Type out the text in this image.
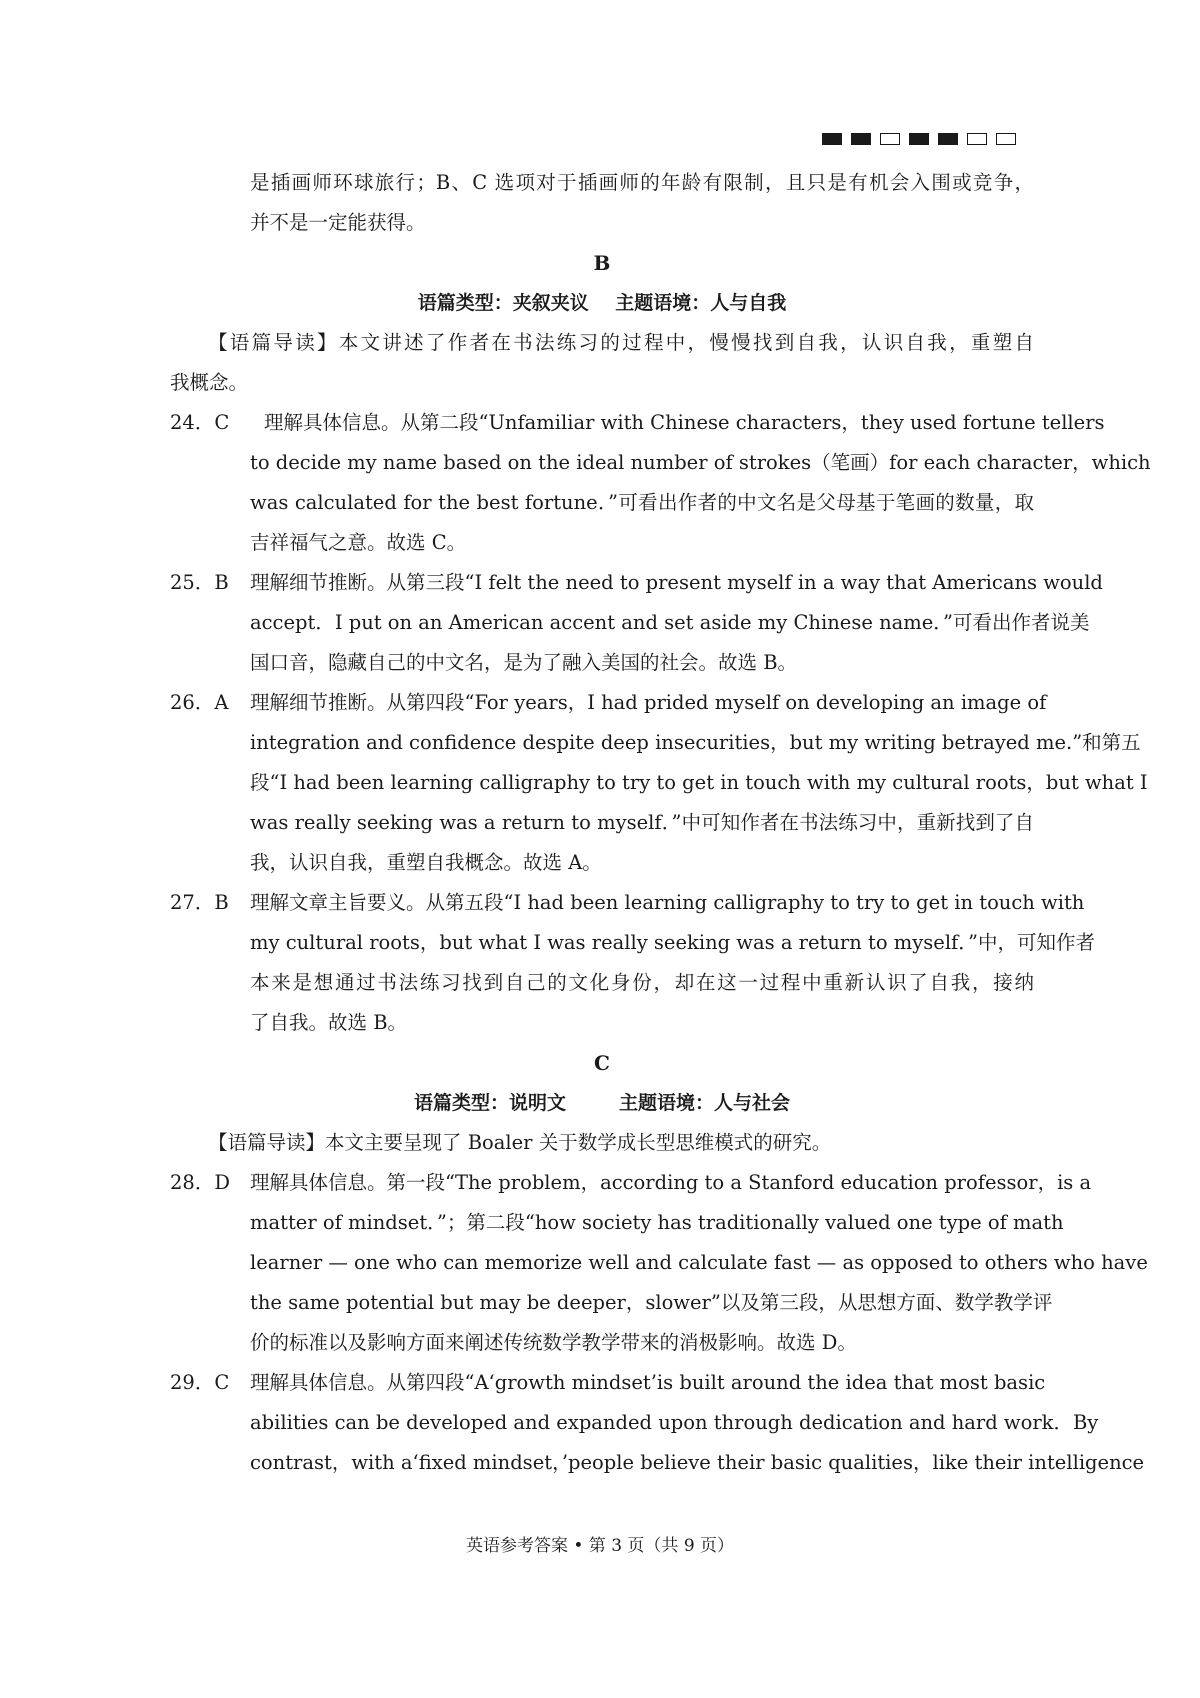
是插画师环球旅行；B、C 选项对于插画师的年龄有限制，且只是有机会入围或竞争，
并不是一定能获得。
B
语篇类型：夹叙夹议    主题语境：人与自我
【语篇导读】本文讲述了作者在书法练习的过程中，慢慢找到自我，认识自我，重塑自
我概念。
24．C	理解具体信息。从第二段“Unfamiliar with Chinese characters，they used fortune tellers
to decide my name based on the ideal number of strokes（笔画）for each character，which
was calculated for the best fortune．”可看出作者的中文名是父母基于笔画的数量，取
吉祥福气之意。故选 C。
25．B	理解细节推断。从第三段“I felt the need to present myself in a way that Americans would
accept．I put on an American accent and set aside my Chinese name．”可看出作者说美
国口音，隐藏自己的中文名，是为了融入美国的社会。故选 B。
26．A	理解细节推断。从第四段“For years，I had prided myself on developing an image of
integration and confidence despite deep insecurities，but my writing betrayed me.”和第五
段“I had been learning calligraphy to try to get in touch with my cultural roots，but what I
was really seeking was a return to myself．”中可知作者在书法练习中，重新找到了自
我，认识自我，重塑自我概念。故选 A。
27．B	理解文章主旨要义。从第五段“I had been learning calligraphy to try to get in touch with
my cultural roots，but what I was really seeking was a return to myself．”中，可知作者
本来是想通过书法练习找到自己的文化身份，却在这一过程中重新认识了自我，接纳
了自我。故选 B。
C
语篇类型：说明文        主题语境：人与社会
【语篇导读】本文主要呈现了 Boaler 关于数学成长型思维模式的研究。
28．D	理解具体信息。第一段“The problem，according to a Stanford education professor，is a
matter of mindset．”；第二段“how society has traditionally valued one type of math
learner — one who can memorize well and calculate fast — as opposed to others who have
the same potential but may be deeper，slower”以及第三段，从思想方面、数学教学评
价的标准以及影响方面来阐述传统数学教学带来的消极影响。故选 D。
29．C	理解具体信息。从第四段“A‘growth mindset’is built around the idea that most basic
abilities can be developed and expanded upon through dedication and hard work．By
contrast，with a‘fixed mindset，’people believe their basic qualities，like their intelligence
英语参考答案 • 第 3 页（共 9 页）
